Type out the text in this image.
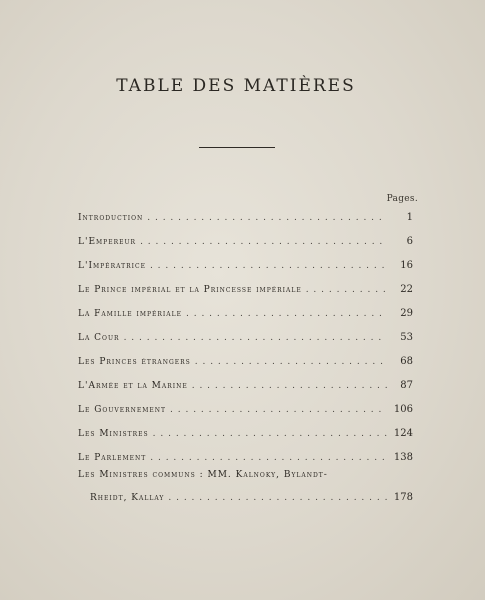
TABLE DES MATIÈRES
Pages.
Introduction . . .	1
L'Empereur . . .	6
L'Impératrice . . .	16
Le Prince impérial et la Princesse impériale . . .	22
La Famille impériale . . .	29
La Cour . . .	53
Les Princes étrangers . . .	68
L'Armée et la Marine . . .	87
Le Gouvernement . . .	106
Les Ministres . . .	124
Le Parlement . . .	138
Les Ministres communs : MM. Kalnoky, Bylandt-
Rheidt, Kallay . . .	178
